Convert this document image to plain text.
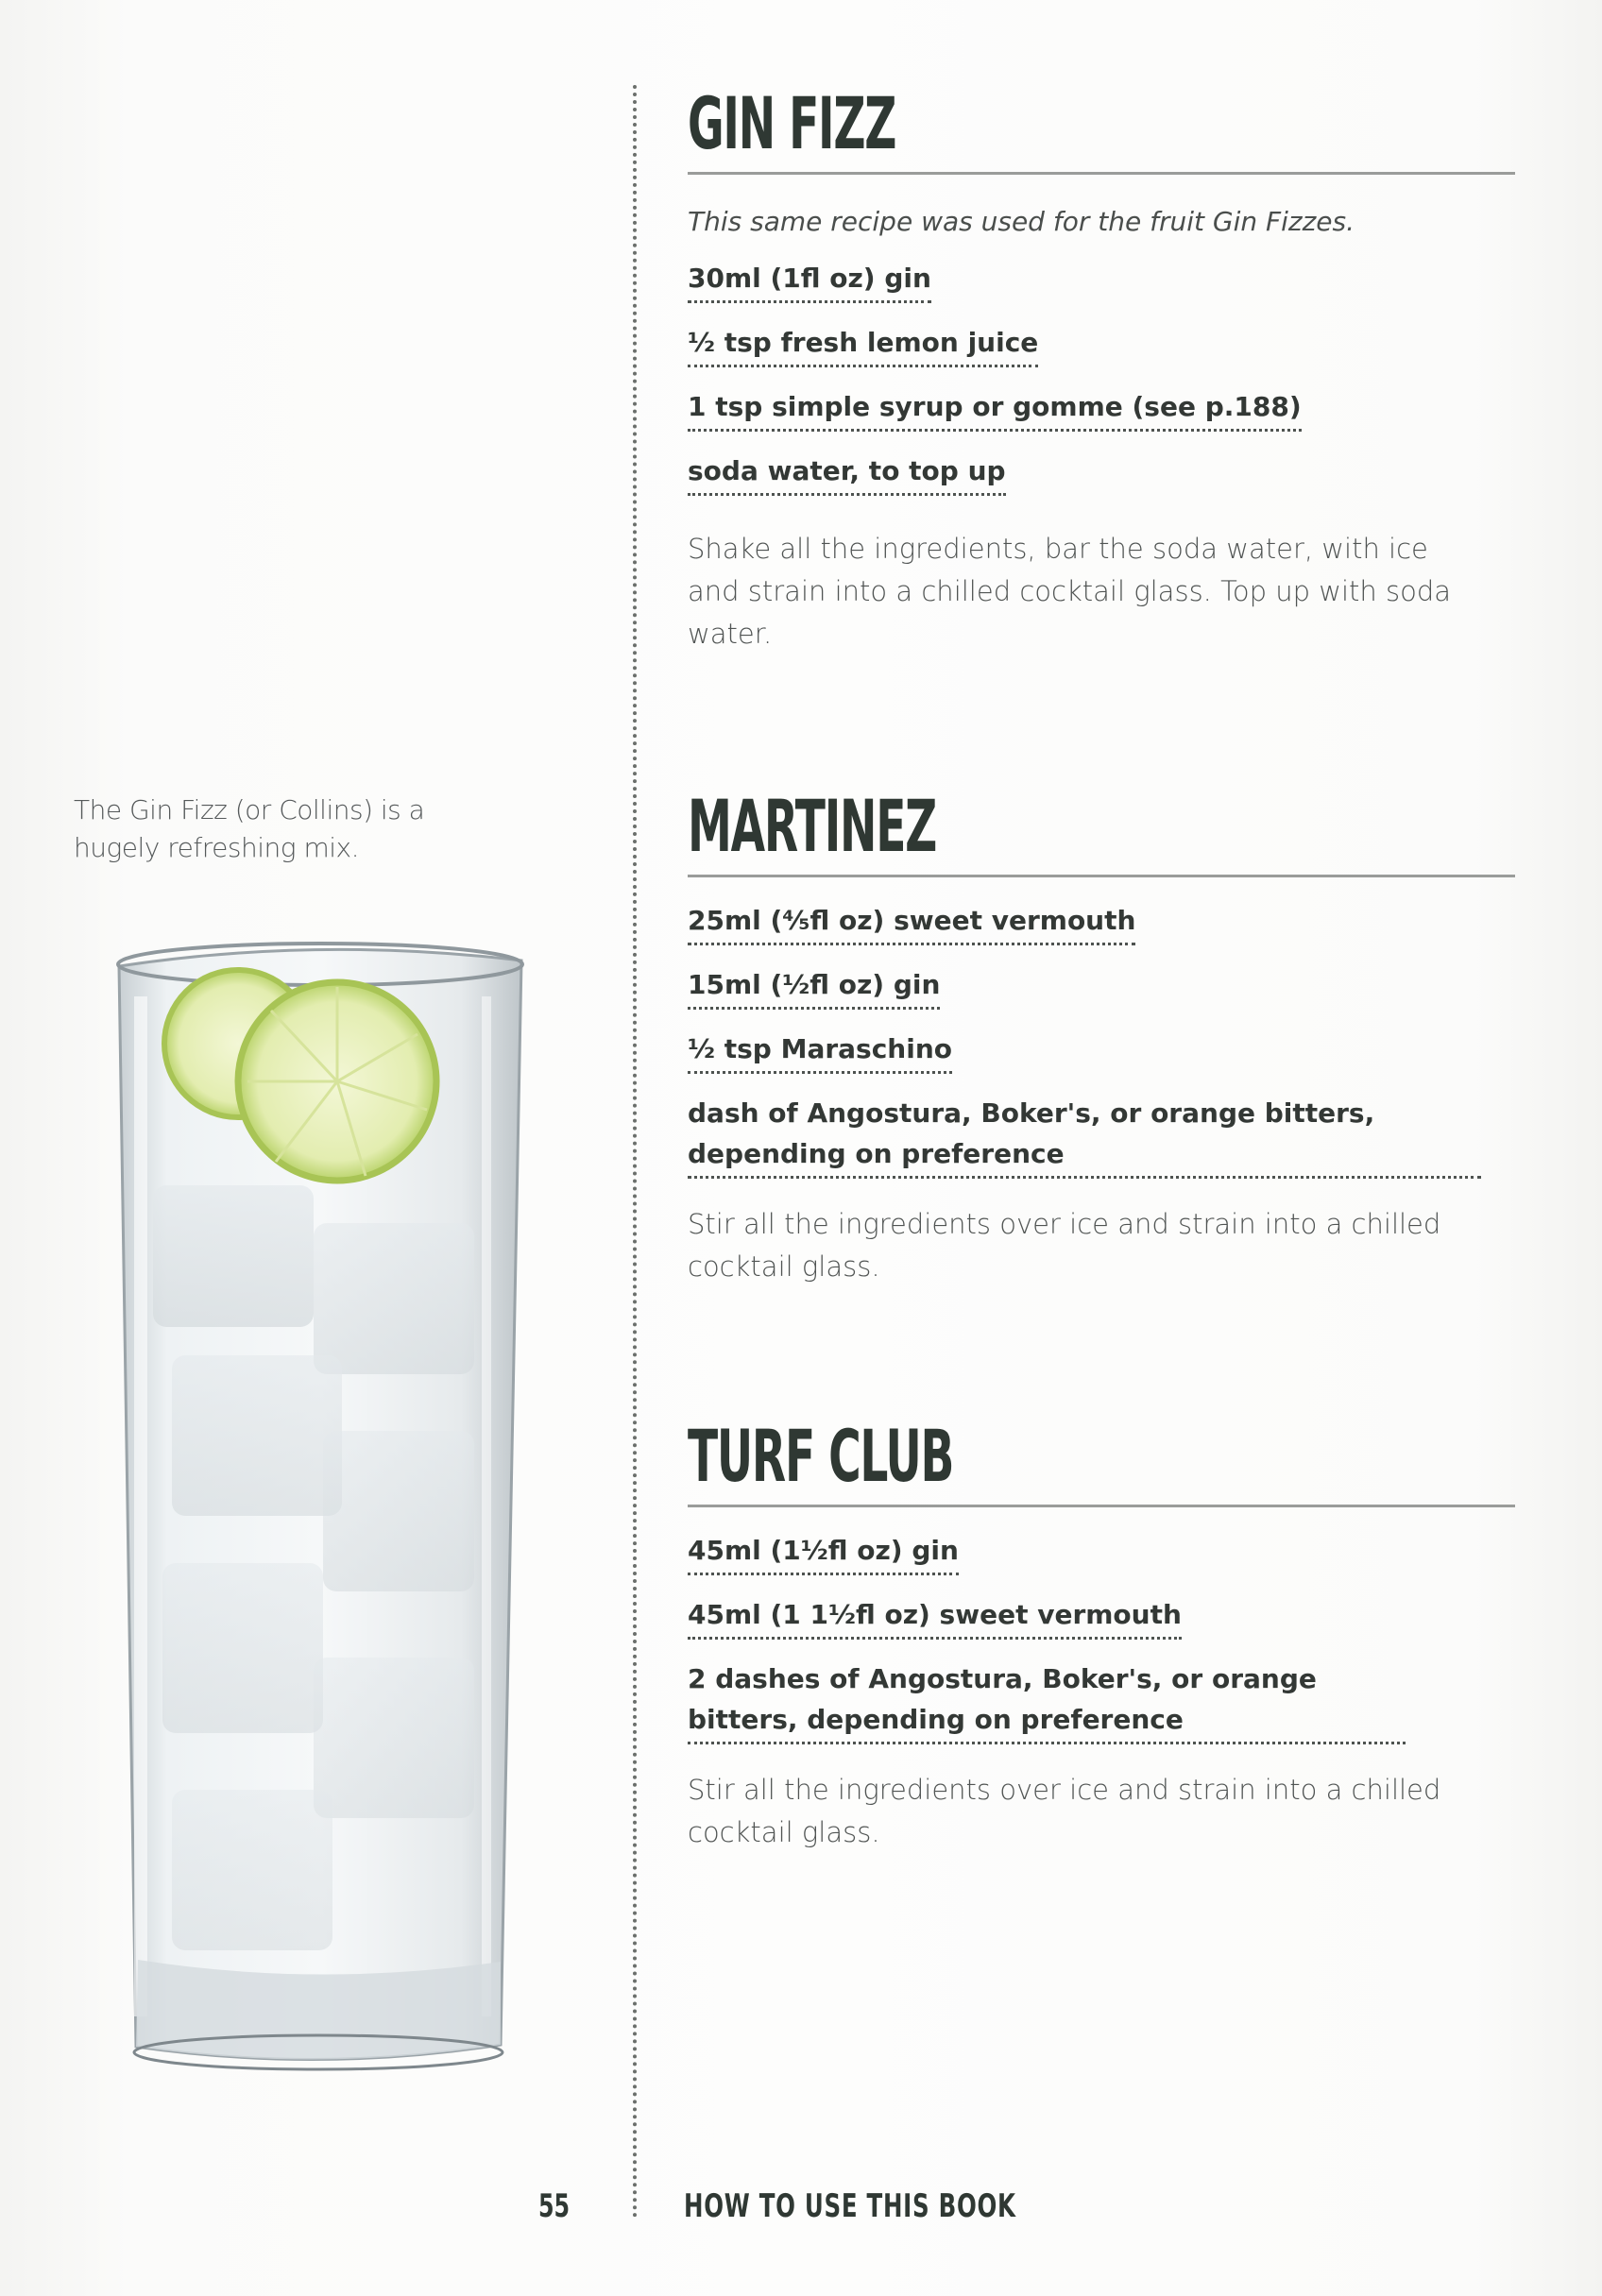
The Gin Fizz (or Collins) is a hugely refreshing mix.
GIN FIZZ
This same recipe was used for the fruit Gin Fizzes.
30ml (1fl oz) gin
½ tsp fresh lemon juice
1 tsp simple syrup or gomme (see p.188)
soda water, to top up
Shake all the ingredients, bar the soda water, with ice and strain into a chilled cocktail glass. Top up with soda water.
MARTINEZ
25ml (⁴⁄₅fl oz) sweet vermouth
15ml (½fl oz) gin
½ tsp Maraschino
dash of Angostura, Boker's, or orange bitters, depending on preference
Stir all the ingredients over ice and strain into a chilled cocktail glass.
TURF CLUB
45ml (1½fl oz) gin
45ml (1 1½fl oz) sweet vermouth
2 dashes of Angostura, Boker's, or orange bitters, depending on preference
Stir all the ingredients over ice and strain into a chilled cocktail glass.
55	HOW TO USE THIS BOOK
